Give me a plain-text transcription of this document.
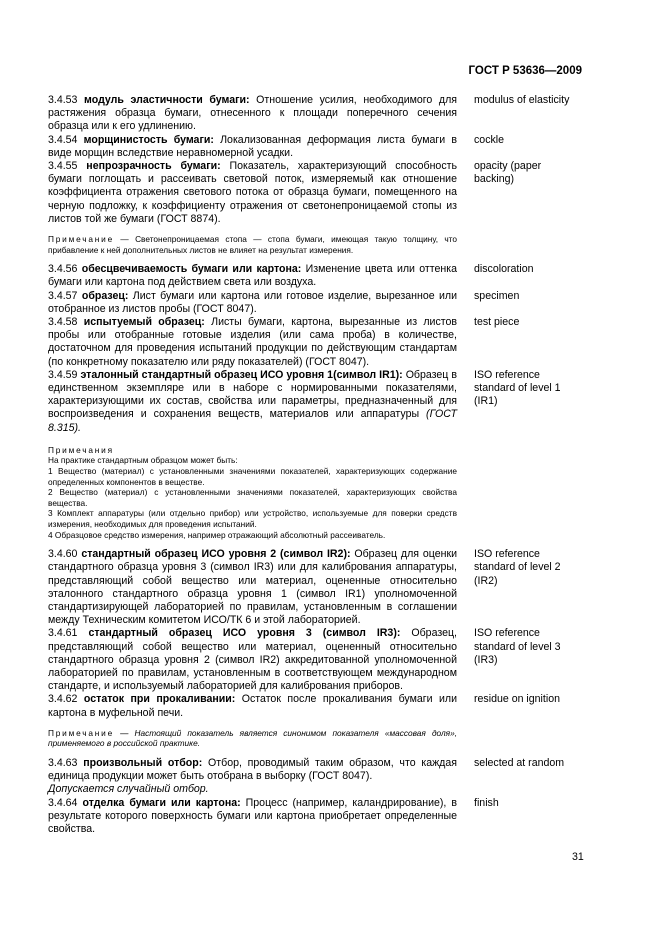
ГОСТ Р 53636—2009

3.4.53 модуль эластичности бумаги: Отношение усилия, необходимого для растяжения образца бумаги, отнесенного к площади поперечного сечения образца или к его удлинению.

modulus of elasticity

3.4.54 морщинистость бумаги: Локализованная деформация листа бумаги в виде морщин вследствие неравномерной усадки.

cockle

3.4.55 непрозрачность бумаги: Показатель, характеризующий способность бумаги поглощать и рассеивать световой поток, измеряемый как отношение коэффициента отражения светового потока от образца бумаги, помещенного на черную подложку, к коэффициенту отражения от светонепроницаемой стопы из листов той же бумаги (ГОСТ 8874).

opacity (paper backing)

Примечание — Светонепроницаемая стопа — стопа бумаги, имеющая такую толщину, что прибавление к ней дополнительных листов не влияет на результат измерения.

3.4.56 обесцвечиваемость бумаги или картона: Изменение цвета или оттенка бумаги или картона под действием света или воздуха.

discoloration

3.4.57 образец: Лист бумаги или картона или готовое изделие, вырезанное или отобранное из листов пробы (ГОСТ 8047).

specimen

3.4.58 испытуемый образец: Листы бумаги, картона, вырезанные из листов пробы или отобранные готовые изделия (или сама проба) в количестве, достаточном для проведения испытаний продукции по действующим стандартам (по конкретному показателю или ряду показателей) (ГОСТ 8047).

test piece

3.4.59 эталонный стандартный образец ИСО уровня 1(символ IR1): Образец в единственном экземпляре или в наборе с нормированными показателями, характеризующими их состав, свойства или параметры, предназначенный для воспроизведения и сохранения веществ, материалов или аппаратуры (ГОСТ 8.315).

ISO reference standard of level 1 (IR1)

Примечания

На практике стандартным образцом может быть:

1 Вещество (материал) с установленными значениями показателей, характеризующих содержание определенных компонентов в веществе.

2 Вещество (материал) с установленными значениями показателей, характеризующих свойства вещества.

3 Комплект аппаратуры (или отдельно прибор) или устройство, используемые для поверки средств измерения, необходимых для проведения испытаний.

4 Образцовое средство измерения, например отражающий абсолютный рассеиватель.

3.4.60 стандартный образец ИСО уровня 2 (символ IR2): Образец для оценки стандартного образца уровня 3 (символ IR3) или для калибрования аппаратуры, представляющий собой вещество или материал, оцененные относительно эталонного стандартного образца уровня 1 (символ IR1) уполномоченной стандартизирующей лабораторией по правилам, установленным в соглашении между Техническим комитетом ИСО/ТК 6 и этой лабораторией.

ISO reference standard of level 2 (IR2)

3.4.61 стандартный образец ИСО уровня 3 (символ IR3): Образец, представляющий собой вещество или материал, оцененный относительно стандартного образца уровня 2 (символ IR2) аккредитованной уполномоченной лабораторией по правилам, установленным в соответствующем международном стандарте, и используемый лабораторией для калибрования приборов.

ISO reference standard of level 3 (IR3)

3.4.62 остаток при прокаливании: Остаток после прокаливания бумаги или картона в муфельной печи.

residue on ignition

Примечание — Настоящий показатель является синонимом показателя «массовая доля», применяемого в российской практике.

3.4.63 произвольный отбор: Отбор, проводимый таким образом, что каждая единица продукции может быть отобрана в выборку (ГОСТ 8047).

Допускается случайный отбор.

selected at random

3.4.64 отделка бумаги или картона: Процесс (например, каландрирование), в результате которого поверхность бумаги или картона приобретает определенные свойства.

finish
31
